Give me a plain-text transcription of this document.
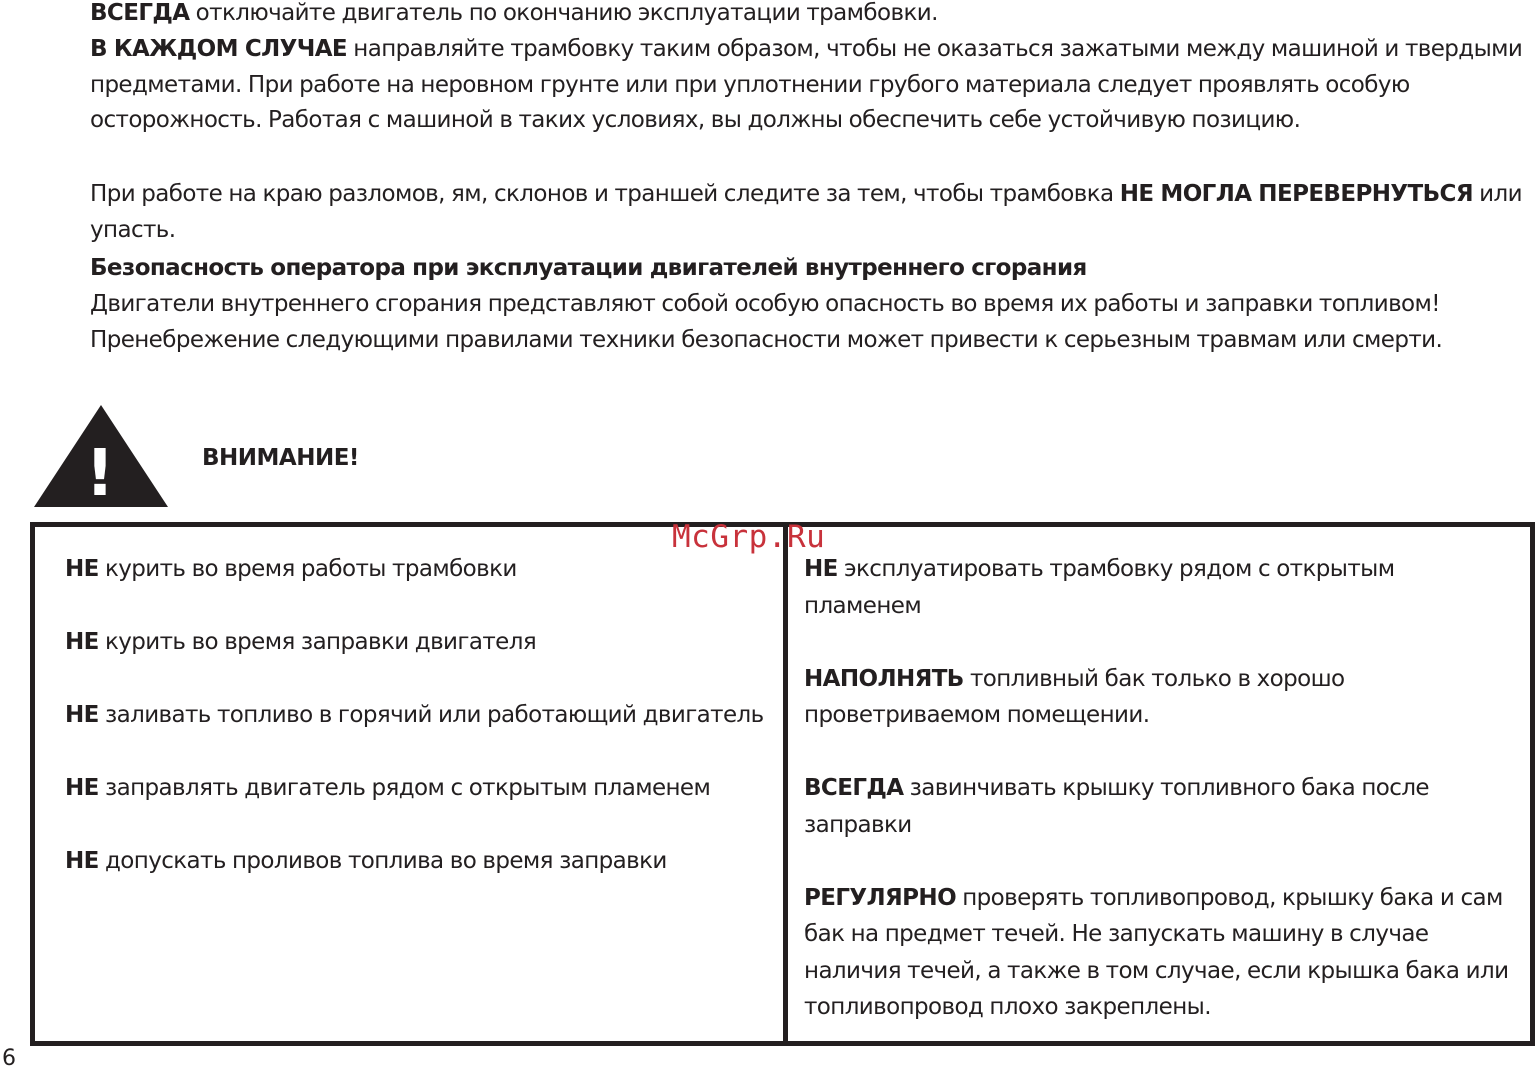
ВСЕГДА отключайте двигатель по окончанию эксплуатации трамбовки.

В КАЖДОМ СЛУЧАЕ направляйте трамбовку таким образом, чтобы не оказаться зажатыми между машиной и твердыми предметами. При работе на неровном грунте или при уплотнении грубого материала следует проявлять особую осторожность. Работая с машиной в таких условиях, вы должны обеспечить себе устойчивую позицию.

При работе на краю разломов, ям, склонов и траншей следите за тем, чтобы трамбовка НЕ МОГЛА ПЕРЕВЕРНУТЬСЯ или упасть.

Безопасность оператора при эксплуатации двигателей внутреннего сгорания

Двигатели внутреннего сгорания представляют собой особую опасность во время их работы и заправки топливом! Пренебрежение следующими правилами техники безопасности может привести к серьезным травмам или смерти.

!	ВНИМАНИЕ!

НЕ курить во время работы трамбовки

НЕ курить во время заправки двигателя

НЕ заливать топливо в горячий или работающий двигатель

НЕ заправлять двигатель рядом с открытым пламенем

НЕ допускать проливов топлива во время заправки

НЕ эксплуатировать трамбовку рядом с открытым пламенем

НАПОЛНЯТЬ топливный бак только в хорошо проветриваемом помещении.

ВСЕГДА завинчивать крышку топливного бака после заправки

РЕГУЛЯРНО проверять топливопровод, крышку бака и сам бак на предмет течей. Не запускать машину в случае наличия течей, а также в том случае, если крышка бака или топливопровод плохо закреплены.

McGrp.Ru
6
